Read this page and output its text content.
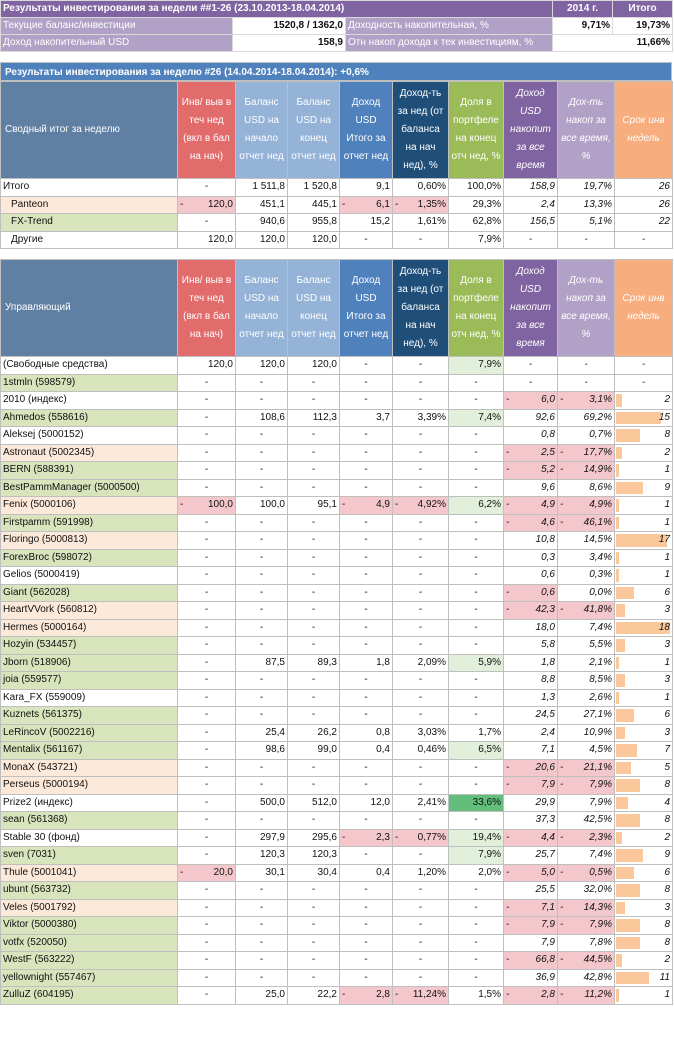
Результаты инвестирования за недели ##1-26 (23.10.2013-18.04.2014)			2014 г.	Итого
Текущие баланс/инвестиции	1520,8 / 1362,0	Доходность накопительная, %	9,71%	19,73%
Доход накопительный USD	158,9	Отн накоп дохода к тек инвестициям, %	11,66%	
Результаты инвестирования за неделю #26 (14.04.2014-18.04.2014): +0,6%
Сводный итог за неделю	Инв/ выв в теч нед (вкл в бал на нач)	Баланс USD на начало отчет нед	Баланс USD на конец отчет нед	Доход USD Итого за отчет нед	Доход-ть за нед (от баланса на нач нед), %	Доля в портфеле на конец отч нед, %	Доход USD накопит за все время	Дох-ть накоп за все время, %	Срок инв недель
Итого	-	1 511,8	1 520,8	9,1	0,60%	100,0%	158,9	19,7%	26
Panteon	- 120,0	451,1	445,1	- 6,1	- 1,35%	29,3%	2,4	13,3%	26
FX-Trend	-	940,6	955,8	15,2	1,61%	62,8%	156,5	5,1%	22
Другие	120,0	120,0	120,0	-	-	7,9%	-	-	-
Управляющий	Инв/ выв в теч нед (вкл в бал на нач)	Баланс USD на начало отчет нед	Баланс USD на конец отчет нед	Доход USD Итого за отчет нед	Доход-ть за нед (от баланса на нач нед), %	Доля в портфеле на конец отч нед, %	Доход USD накопит за все время	Дох-ть накоп за все время, %	Срок инв недель
(Свободные средства)	120,0	120,0	120,0	-	-	7,9%	-	-	-
1stmln (598579)	-	-	-	-	-	-	-	-	-
2010 (индекс)	-	-	-	-	-	-	- 6,0	- 3,1%	2
Ahmedos (558616)	-	108,6	112,3	3,7	3,39%	7,4%	92,6	69,2%	15
Aleksej (5000152)	-	-	-	-	-	-	0,8	0,7%	8
Astronaut (5002345)	-	-	-	-	-	-	- 2,5	- 17,7%	2
BERN (588391)	-	-	-	-	-	-	- 5,2	- 14,9%	1
BestPammManager (5000500)	-	-	-	-	-	-	9,6	8,6%	9
Fenix (5000106)	- 100,0	100,0	95,1	- 4,9	- 4,92%	6,2%	- 4,9	- 4,9%	1
Firstpamm (591998)	-	-	-	-	-	-	- 4,6	- 46,1%	1
Floringo (5000813)	-	-	-	-	-	-	10,8	14,5%	17
ForexBroc (598072)	-	-	-	-	-	-	0,3	3,4%	1
Gelios (5000419)	-	-	-	-	-	-	0,6	0,3%	1
Giant (562028)	-	-	-	-	-	-	- 0,6	0,0%	6
HeartVVork (560812)	-	-	-	-	-	-	- 42,3	- 41,8%	3
Hermes (5000164)	-	-	-	-	-	-	18,0	7,4%	18
Hozyin (534457)	-	-	-	-	-	-	5,8	5,5%	3
Jborn (518906)	-	87,5	89,3	1,8	2,09%	5,9%	1,8	2,1%	1
joia (559577)	-	-	-	-	-	-	8,8	8,5%	3
Kara_FX (559009)	-	-	-	-	-	-	1,3	2,6%	1
Kuznets (561375)	-	-	-	-	-	-	24,5	27,1%	6
LeRincoV (5002216)	-	25,4	26,2	0,8	3,03%	1,7%	2,4	10,9%	3
Mentalix (561167)	-	98,6	99,0	0,4	0,46%	6,5%	7,1	4,5%	7
MonaX (543721)	-	-	-	-	-	-	- 20,6	- 21,1%	5
Perseus (5000194)	-	-	-	-	-	-	- 7,9	- 7,9%	8
Prize2 (индекс)	-	500,0	512,0	12,0	2,41%	33,6%	29,9	7,9%	4
sean (561368)	-	-	-	-	-	-	37,3	42,5%	8
Stable 30 (фонд)	-	297,9	295,6	- 2,3	- 0,77%	19,4%	- 4,4	- 2,3%	2
sven (7031)	-	120,3	120,3	-	-	7,9%	25,7	7,4%	9
Thule (5001041)	- 20,0	30,1	30,4	0,4	1,20%	2,0%	- 5,0	- 0,5%	6
ubunt (563732)	-	-	-	-	-	-	25,5	32,0%	8
Veles (5001792)	-	-	-	-	-	-	- 7,1	- 14,3%	3
Viktor (5000380)	-	-	-	-	-	-	- 7,9	- 7,9%	8
votfx (520050)	-	-	-	-	-	-	7,9	7,8%	8
WestF (563222)	-	-	-	-	-	-	- 66,8	- 44,5%	2
yellownight (557467)	-	-	-	-	-	-	36,9	42,8%	11
ZulluZ (604195)	-	25,0	22,2	- 2,8	- 11,24%	1,5%	- 2,8	- 11,2%	1
